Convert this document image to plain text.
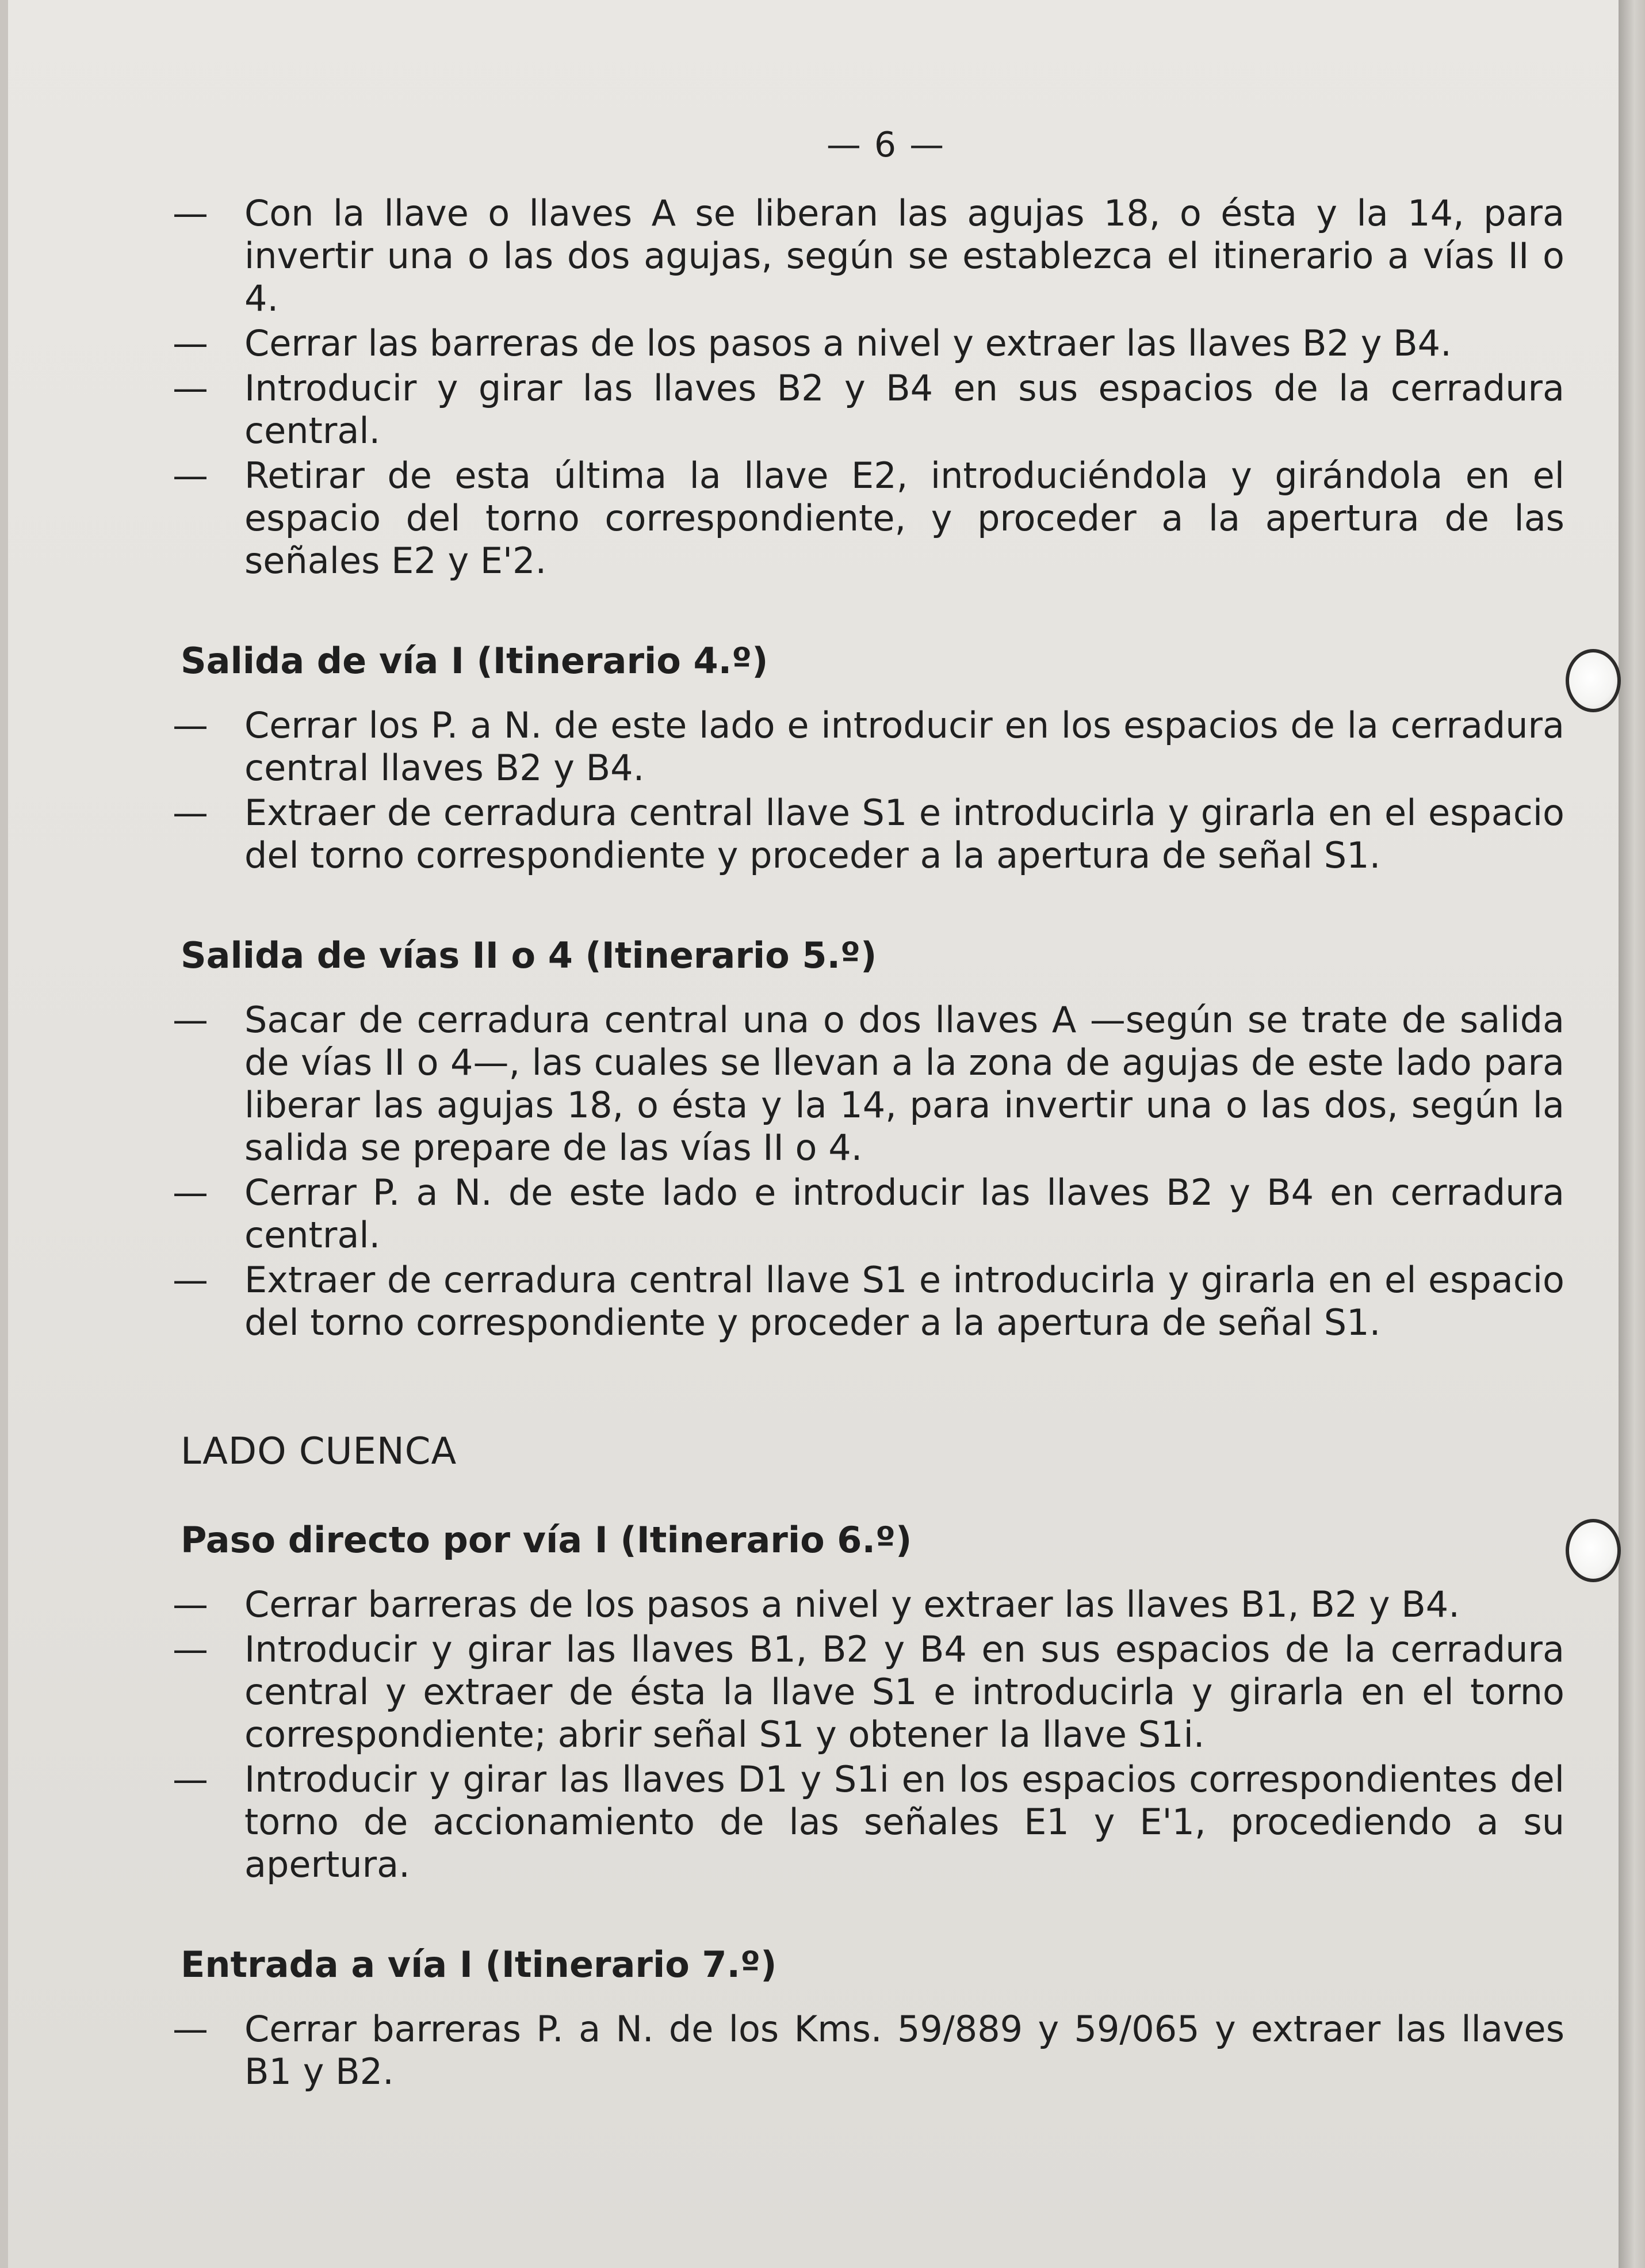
— 6 —
—
Con la llave o llaves A se liberan las agujas 18, o ésta y la 14, para invertir una o las dos agujas, según se establezca el itinerario a vías II o 4.
—
Cerrar las barreras de los pasos a nivel y extraer las llaves B2 y B4.
—
Introducir y girar las llaves B2 y B4 en sus espacios de la cerradura central.
—
Retirar de esta última la llave E2, introduciéndola y girándola en el espacio del torno correspondiente, y proceder a la apertura de las señales E2 y E'2.
Salida de vía I (Itinerario 4.º)
—
Cerrar los P. a N. de este lado e introducir en los espacios de la cerradura central llaves B2 y B4.
—
Extraer de cerradura central llave S1 e introducirla y girarla en el espacio del torno correspondiente y proceder a la apertura de señal S1.
Salida de vías II o 4 (Itinerario 5.º)
—
Sacar de cerradura central una o dos llaves A —según se trate de salida de vías II o 4—, las cuales se llevan a la zona de agujas de este lado para liberar las agujas 18, o ésta y la 14, para invertir una o las dos, según la salida se prepare de las vías II o 4.
—
Cerrar P. a N. de este lado e introducir las llaves B2 y B4 en cerradura central.
—
Extraer de cerradura central llave S1 e introducirla y girarla en el espacio del torno correspondiente y proceder a la apertura de señal S1.
LADO CUENCA
Paso directo por vía I (Itinerario 6.º)
—
Cerrar barreras de los pasos a nivel y extraer las llaves B1, B2 y B4.
—
Introducir y girar las llaves B1, B2 y B4 en sus espacios de la cerradura central y extraer de ésta la llave S1 e introducirla y girarla en el torno correspondiente; abrir señal S1 y obtener la llave S1i.
—
Introducir y girar las llaves D1 y S1i en los espacios correspondientes del torno de accionamiento de las señales E1 y E'1, procediendo a su apertura.
Entrada a vía I (Itinerario 7.º)
—
Cerrar barreras P. a N. de los Kms. 59/889 y 59/065 y extraer las llaves B1 y B2.
